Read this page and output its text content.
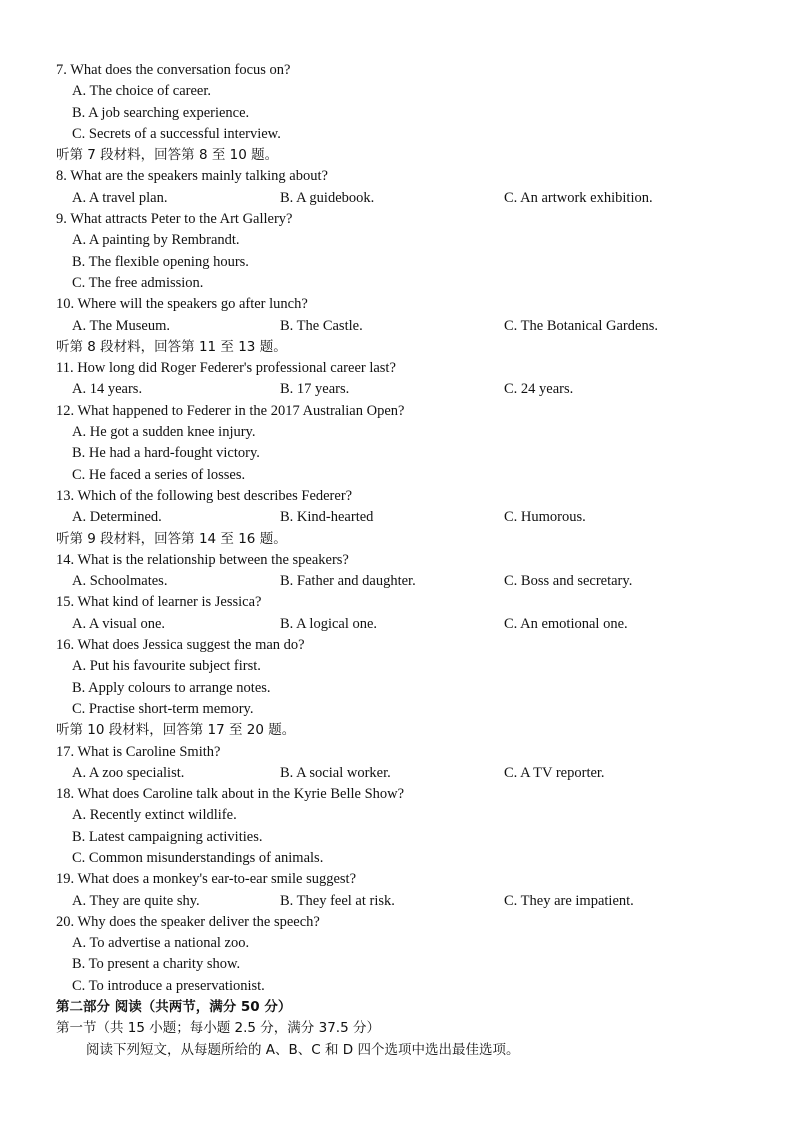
7. What does the conversation focus on?
A. The choice of career.
B. A job searching experience.
C. Secrets of a successful interview.
听第 7 段材料，回答第 8 至 10 题。
8. What are the speakers mainly talking about?
A. A travel plan.	B. A guidebook.	C. An artwork exhibition.
9. What attracts Peter to the Art Gallery?
A. A painting by Rembrandt.
B. The flexible opening hours.
C. The free admission.
10. Where will the speakers go after lunch?
A. The Museum.	B. The Castle.	C. The Botanical Gardens.
听第 8 段材料，回答第 11 至 13 题。
11. How long did Roger Federer's professional career last?
A. 14 years.	B. 17 years.	C. 24 years.
12. What happened to Federer in the 2017 Australian Open?
A. He got a sudden knee injury.
B. He had a hard-fought victory.
C. He faced a series of losses.
13. Which of the following best describes Federer?
A. Determined.	B. Kind-hearted	C. Humorous.
听第 9 段材料，回答第 14 至 16 题。
14. What is the relationship between the speakers?
A. Schoolmates.	B. Father and daughter.	C. Boss and secretary.
15. What kind of learner is Jessica?
A. A visual one.	B. A logical one.	C. An emotional one.
16. What does Jessica suggest the man do?
A. Put his favourite subject first.
B. Apply colours to arrange notes.
C. Practise short-term memory.
听第 10 段材料，回答第 17 至 20 题。
17. What is Caroline Smith?
A. A zoo specialist.	B. A social worker.	C. A TV reporter.
18. What does Caroline talk about in the Kyrie Belle Show?
A. Recently extinct wildlife.
B. Latest campaigning activities.
C. Common misunderstandings of animals.
19. What does a monkey's ear-to-ear smile suggest?
A. They are quite shy.	B. They feel at risk.	C. They are impatient.
20. Why does the speaker deliver the speech?
A. To advertise a national zoo.
B. To present a charity show.
C. To introduce a preservationist.
第二部分 阅读（共两节，满分 50 分）
第一节（共 15 小题；每小题 2.5 分，满分 37.5 分）
阅读下列短文，从每题所给的 A、B、C 和 D 四个选项中选出最佳选项。
